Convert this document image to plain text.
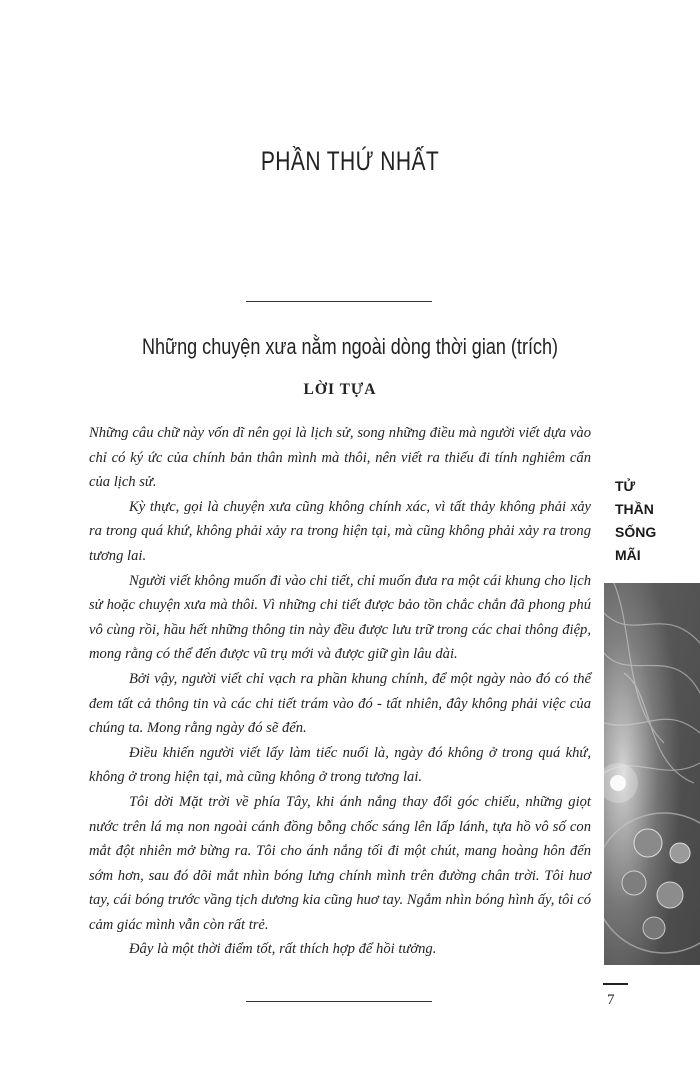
PHẦN THỨ NHẤT
Những chuyện xưa nằm ngoài dòng thời gian (trích)
LỜI TỰA

Những câu chữ này vốn dĩ nên gọi là lịch sử, song những điều mà người viết dựa vào chỉ có ký ức của chính bản thân mình mà thôi, nên viết ra thiếu đi tính nghiêm cẩn của lịch sử.

Kỳ thực, gọi là chuyện xưa cũng không chính xác, vì tất thảy không phải xảy ra trong quá khứ, không phải xảy ra trong hiện tại, mà cũng không phải xảy ra trong tương lai.

Người viết không muốn đi vào chi tiết, chỉ muốn đưa ra một cái khung cho lịch sử hoặc chuyện xưa mà thôi. Vì những chi tiết được bảo tồn chắc chắn đã phong phú vô cùng rồi, hầu hết những thông tin này đều được lưu trữ trong các chai thông điệp, mong rằng có thể đến được vũ trụ mới và được giữ gìn lâu dài.

Bởi vậy, người viết chỉ vạch ra phần khung chính, để một ngày nào đó có thể đem tất cả thông tin và các chi tiết trám vào đó - tất nhiên, đây không phải việc của chúng ta. Mong rằng ngày đó sẽ đến.

Điều khiến người viết lấy làm tiếc nuối là, ngày đó không ở trong quá khứ, không ở trong hiện tại, mà cũng không ở trong tương lai.

Tôi dời Mặt trời về phía Tây, khi ánh nắng thay đổi góc chiếu, những giọt nước trên lá mạ non ngoài cánh đồng bỗng chốc sáng lên lấp lánh, tựa hồ vô số con mắt đột nhiên mở bừng ra. Tôi cho ánh nắng tối đi một chút, mang hoàng hôn đến sớm hơn, sau đó dõi mắt nhìn bóng lưng chính mình trên đường chân trời. Tôi huơ tay, cái bóng trước vầng tịch dương kia cũng huơ tay. Ngắm nhìn bóng hình ấy, tôi có cảm giác mình vẫn còn rất trẻ.

Đây là một thời điểm tốt, rất thích hợp để hồi tưởng.

TỬ
THẦN
SỐNG
MÃI
7
